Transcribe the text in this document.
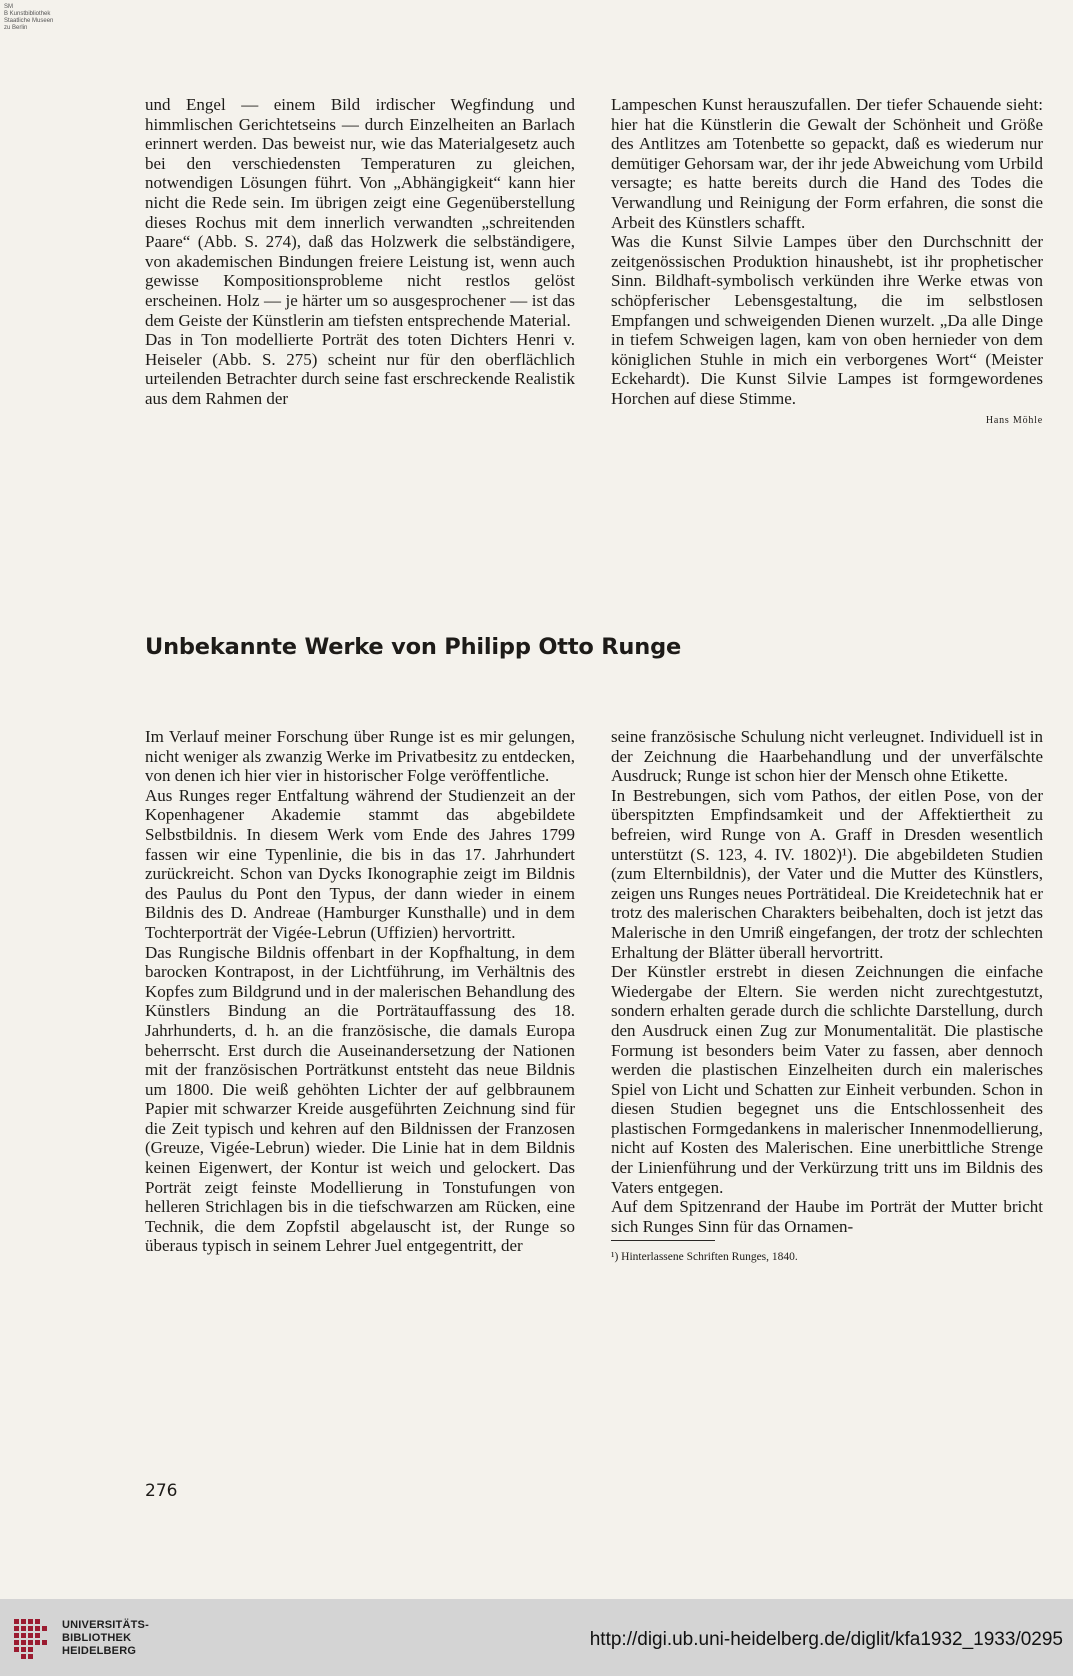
SM
B Kunstbibliothek
Staatliche Museen
zu Berlin

und Engel — einem Bild irdischer Wegfindung und himmlischen Gerichtetseins — durch Einzelheiten an Barlach erinnert werden. Das beweist nur, wie das Materialgesetz auch bei den verschiedensten Temperaturen zu gleichen, notwendigen Lösungen führt. Von „Abhängigkeit“ kann hier nicht die Rede sein. Im übrigen zeigt eine Gegenüberstellung dieses Rochus mit dem innerlich verwandten „schreitenden Paare“ (Abb. S. 274), daß das Holzwerk die selbständigere, von akademischen Bindungen freiere Leistung ist, wenn auch gewisse Kompositionsprobleme nicht restlos gelöst erscheinen. Holz — je härter um so ausgesprochener — ist das dem Geiste der Künstlerin am tiefsten entsprechende Material.

Das in Ton modellierte Porträt des toten Dichters Henri v. Heiseler (Abb. S. 275) scheint nur für den oberflächlich urteilenden Betrachter durch seine fast erschreckende Realistik aus dem Rahmen der

Lampeschen Kunst herauszufallen. Der tiefer Schauende sieht: hier hat die Künstlerin die Gewalt der Schönheit und Größe des Antlitzes am Totenbette so gepackt, daß es wiederum nur demütiger Gehorsam war, der ihr jede Abweichung vom Urbild versagte; es hatte bereits durch die Hand des Todes die Verwandlung und Reinigung der Form erfahren, die sonst die Arbeit des Künstlers schafft.

Was die Kunst Silvie Lampes über den Durchschnitt der zeitgenössischen Produktion hinaushebt, ist ihr prophetischer Sinn. Bildhaft-symbolisch verkünden ihre Werke etwas von schöpferischer Lebensgestaltung, die im selbstlosen Empfangen und schweigenden Dienen wurzelt. „Da alle Dinge in tiefem Schweigen lagen, kam von oben hernieder von dem königlichen Stuhle in mich ein verborgenes Wort“ (Meister Eckehardt). Die Kunst Silvie Lampes ist formgewordenes Horchen auf diese Stimme.

Hans Möhle
Unbekannte Werke von Philipp Otto Runge

Im Verlauf meiner Forschung über Runge ist es mir gelungen, nicht weniger als zwanzig Werke im Privatbesitz zu entdecken, von denen ich hier vier in historischer Folge veröffentliche.

Aus Runges reger Entfaltung während der Studienzeit an der Kopenhagener Akademie stammt das abgebildete Selbstbildnis. In diesem Werk vom Ende des Jahres 1799 fassen wir eine Typenlinie, die bis in das 17. Jahrhundert zurückreicht. Schon van Dycks Ikonographie zeigt im Bildnis des Paulus du Pont den Typus, der dann wieder in einem Bildnis des D. Andreae (Hamburger Kunsthalle) und in dem Tochterporträt der Vigée-Lebrun (Uffizien) hervortritt.

Das Rungische Bildnis offenbart in der Kopfhaltung, in dem barocken Kontrapost, in der Lichtführung, im Verhältnis des Kopfes zum Bildgrund und in der malerischen Behandlung des Künstlers Bindung an die Porträtauffassung des 18. Jahrhunderts, d. h. an die französische, die damals Europa beherrscht. Erst durch die Auseinandersetzung der Nationen mit der französischen Porträtkunst entsteht das neue Bildnis um 1800. Die weiß gehöhten Lichter der auf gelbbraunem Papier mit schwarzer Kreide ausgeführten Zeichnung sind für die Zeit typisch und kehren auf den Bildnissen der Franzosen (Greuze, Vigée-Lebrun) wieder. Die Linie hat in dem Bildnis keinen Eigenwert, der Kontur ist weich und gelockert. Das Porträt zeigt feinste Modellierung in Tonstufungen von helleren Strichlagen bis in die tiefschwarzen am Rücken, eine Technik, die dem Zopfstil abgelauscht ist, der Runge so überaus typisch in seinem Lehrer Juel entgegentritt, der

seine französische Schulung nicht verleugnet. Individuell ist in der Zeichnung die Haarbehandlung und der unverfälschte Ausdruck; Runge ist schon hier der Mensch ohne Etikette.

In Bestrebungen, sich vom Pathos, der eitlen Pose, von der überspitzten Empfindsamkeit und der Affektiertheit zu befreien, wird Runge von A. Graff in Dresden wesentlich unterstützt (S. 123, 4. IV. 1802)¹). Die abgebildeten Studien (zum Elternbildnis), der Vater und die Mutter des Künstlers, zeigen uns Runges neues Porträtideal. Die Kreidetechnik hat er trotz des malerischen Charakters beibehalten, doch ist jetzt das Malerische in den Umriß eingefangen, der trotz der schlechten Erhaltung der Blätter überall hervortritt.

Der Künstler erstrebt in diesen Zeichnungen die einfache Wiedergabe der Eltern. Sie werden nicht zurechtgestutzt, sondern erhalten gerade durch die schlichte Darstellung, durch den Ausdruck einen Zug zur Monumentalität. Die plastische Formung ist besonders beim Vater zu fassen, aber dennoch werden die plastischen Einzelheiten durch ein malerisches Spiel von Licht und Schatten zur Einheit verbunden. Schon in diesen Studien begegnet uns die Entschlossenheit des plastischen Formgedankens in malerischer Innenmodellierung, nicht auf Kosten des Malerischen. Eine unerbittliche Strenge der Linienführung und der Verkürzung tritt uns im Bildnis des Vaters entgegen.

Auf dem Spitzenrand der Haube im Porträt der Mutter bricht sich Runges Sinn für das Ornamen-

¹) Hinterlassene Schriften Runges, 1840.
276
UNIVERSITÄTS-
BIBLIOTHEK
HEIDELBERG
http://digi.ub.uni-heidelberg.de/diglit/kfa1932_1933/0295
